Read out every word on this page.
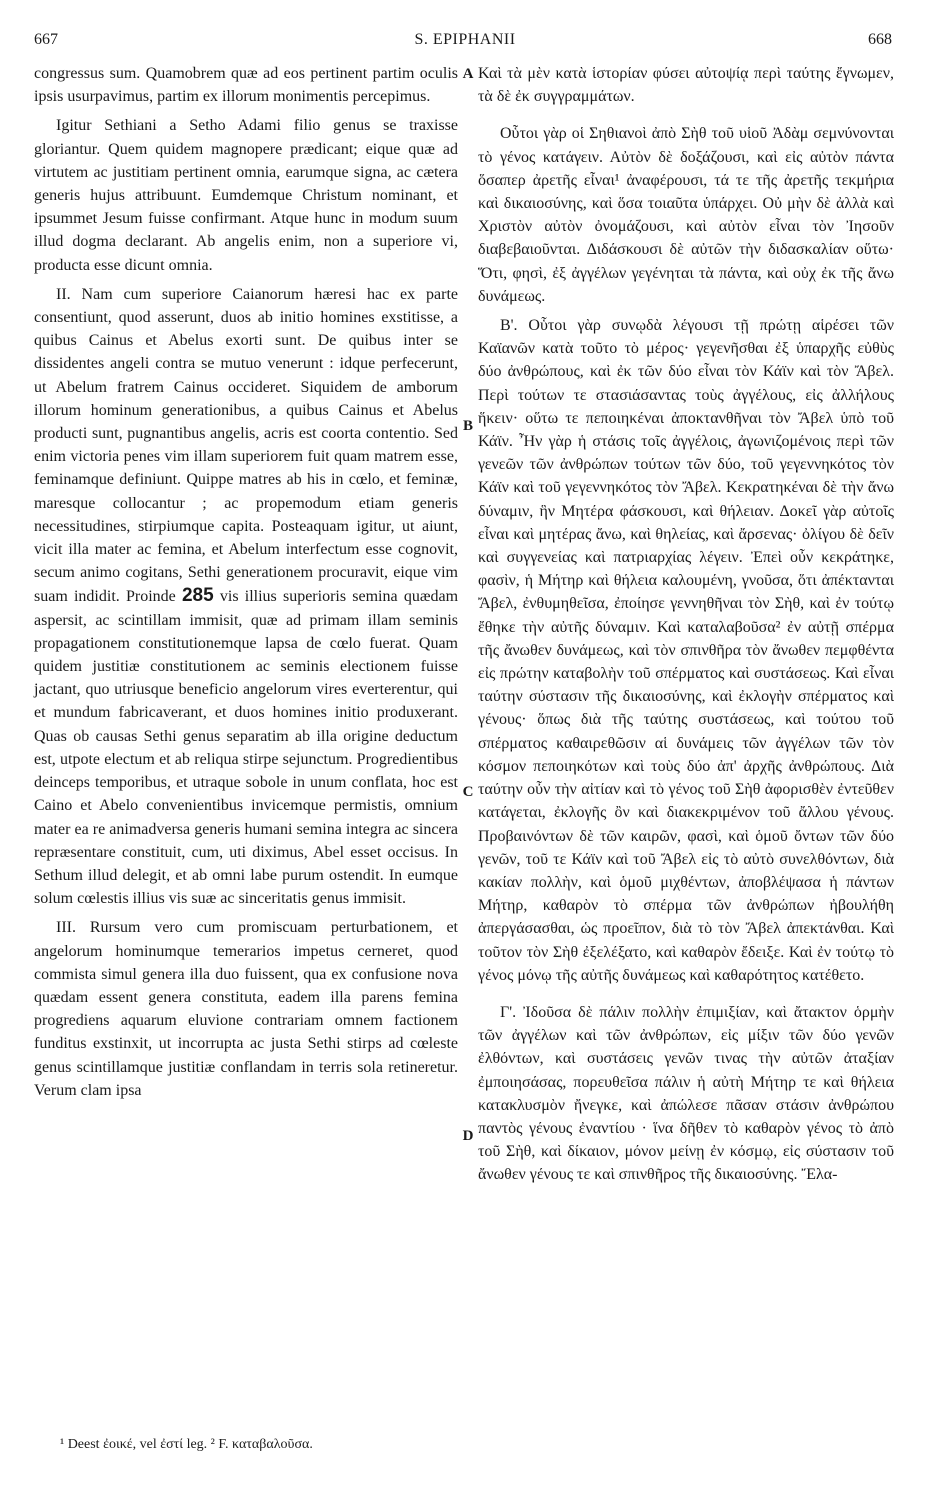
667	S. EPIPHANII	668

congressus sum. Quamobrem quæ ad eos pertinent partim oculis ipsis usurpavimus, partim ex illorum monimentis percepimus.

Igitur Sethiani a Setho Adami filio genus se traxisse gloriantur. Quem quidem magnopere prædicant; eique quæ ad virtutem ac justitiam pertinent omnia, earumque signa, ac cætera generis hujus attribuunt. Eumdemque Christum nominant, et ipsummet Jesum fuisse confirmant. Atque hunc in modum suum illud dogma declarant. Ab angelis enim, non a superiore vi, producta esse dicunt omnia.

II. Nam cum superiore Caianorum hæresi hac ex parte consentiunt, quod asserunt, duos ab initio homines exstitisse, a quibus Cainus et Abelus exorti sunt. De quibus inter se dissidentes angeli contra se mutuo venerunt : idque perfecerunt, ut Abelum fratrem Cainus occideret. Siquidem de amborum illorum hominum generationibus, a quibus Cainus et Abelus producti sunt, pugnantibus angelis, acris est coorta contentio. Sed enim victoria penes vim illam superiorem fuit quam matrem esse, feminamque definiunt. Quippe matres ab his in cœlo, et feminæ, maresque collocantur ; ac propemodum etiam generis necessitudines, stirpiumque capita. Posteaquam igitur, ut aiunt, vicit illa mater ac femina, et Abelum interfectum esse cognovit, secum animo cogitans, Sethi generationem procuravit, eique vim suam indidit. Proinde 285 vis illius superioris semina quædam aspersit, ac scintillam immisit, quæ ad primam illam seminis propagationem constitutionemque lapsa de cœlo fuerat. Quam quidem justitiæ constitutionem ac seminis electionem fuisse jactant, quo utriusque beneficio angelorum vires everterentur, qui et mundum fabricaverant, et duos homines initio produxerant. Quas ob causas Sethi genus separatim ab illa origine deductum est, utpote electum et ab reliqua stirpe sejunctum. Progredientibus deinceps temporibus, et utraque sobole in unum conflata, hoc est Caino et Abelo convenientibus invicemque permistis, omnium mater ea re animadversa generis humani semina integra ac sincera repræsentare constituit, cum, uti diximus, Abel esset occisus. In Sethum illud delegit, et ab omni labe purum ostendit. In eumque solum cœlestis illius vis suæ ac sinceritatis genus immisit.

III. Rursum vero cum promiscuam perturbationem, et angelorum hominumque temerarios impetus cerneret, quod commista simul genera illa duo fuissent, qua ex confusione nova quædam essent genera constituta, eadem illa parens femina progrediens aquarum eluvione contrariam omnem factionem funditus exstinxit, ut incorrupta ac justa Sethi stirps ad cœleste genus scintillamque justitiæ conflandam in terris sola retineretur. Verum clam ipsa

A
B
C
D

Καὶ τὰ μὲν κατὰ ἱστορίαν φύσει αὐτοψίᾳ περὶ ταύτης ἔγνωμεν, τὰ δὲ ἐκ συγγραμμάτων.

Οὗτοι γὰρ οἱ Σηθιανοὶ ἀπὸ Σὴθ τοῦ υἱοῦ Ἀδὰμ σεμνύνονται τὸ γένος κατάγειν. Αὐτὸν δὲ δοξάζουσι, καὶ εἰς αὐτὸν πάντα ὅσαπερ ἀρετῆς εἶναι¹ ἀναφέρουσι, τά τε τῆς ἀρετῆς τεκμήρια καὶ δικαιοσύνης, καὶ ὅσα τοιαῦτα ὑπάρχει. Οὐ μὴν δὲ ἀλλὰ καὶ Χριστὸν αὐτὸν ὀνομάζουσι, καὶ αὐτὸν εἶναι τὸν Ἰησοῦν διαβεβαιοῦνται. Διδάσκουσι δὲ αὐτῶν τὴν διδασκαλίαν οὕτω· Ὅτι, φησὶ, ἐξ ἀγγέλων γεγένηται τὰ πάντα, καὶ οὐχ ἐκ τῆς ἄνω δυνάμεως.

Β'. Οὗτοι γὰρ συνῳδὰ λέγουσι τῇ πρώτῃ αἱρέσει τῶν Καϊανῶν κατὰ τοῦτο τὸ μέρος· γεγενῆσθαι ἐξ ὑπαρχῆς εὐθὺς δύο ἀνθρώπους, καὶ ἐκ τῶν δύο εἶναι τὸν Κάϊν καὶ τὸν Ἄβελ. Περὶ τούτων τε στασιάσαντας τοὺς ἀγγέλους, εἰς ἀλλήλους ἥκειν· οὕτω τε πεποιηκέναι ἀποκτανθῆναι τὸν Ἄβελ ὑπὸ τοῦ Κάϊν. Ἦν γὰρ ἡ στάσις τοῖς ἀγγέλοις, ἀγωνιζομένοις περὶ τῶν γενεῶν τῶν ἀνθρώπων τούτων τῶν δύο, τοῦ γεγεννηκότος τὸν Κάϊν καὶ τοῦ γεγεννηκότος τὸν Ἄβελ. Κεκρατηκέναι δὲ τὴν ἄνω δύναμιν, ἣν Μητέρα φάσκουσι, καὶ θήλειαν. Δοκεῖ γὰρ αὐτοῖς εἶναι καὶ μητέρας ἄνω, καὶ θηλείας, καὶ ἄρσενας· ὀλίγου δὲ δεῖν καὶ συγγενείας καὶ πατριαρχίας λέγειν. Ἐπεὶ οὖν κεκράτηκε, φασὶν, ἡ Μήτηρ καὶ θήλεια καλουμένη, γνοῦσα, ὅτι ἀπέκτανται Ἄβελ, ἐνθυμηθεῖσα, ἐποίησε γεννηθῆναι τὸν Σὴθ, καὶ ἐν τούτῳ ἔθηκε τὴν αὐτῆς δύναμιν. Καὶ καταλαβοῦσα² ἐν αὐτῇ σπέρμα τῆς ἄνωθεν δυνάμεως, καὶ τὸν σπινθῆρα τὸν ἄνωθεν πεμφθέντα εἰς πρώτην καταβολὴν τοῦ σπέρματος καὶ συστάσεως. Καὶ εἶναι ταύτην σύστασιν τῆς δικαιοσύνης, καὶ ἐκλογὴν σπέρματος καὶ γένους· ὅπως διὰ τῆς ταύτης συστάσεως, καὶ τούτου τοῦ σπέρματος καθαιρεθῶσιν αἱ δυνάμεις τῶν ἀγγέλων τῶν τὸν κόσμον πεποιηκότων καὶ τοὺς δύο ἀπ' ἀρχῆς ἀνθρώπους. Διὰ ταύτην οὖν τὴν αἰτίαν καὶ τὸ γένος τοῦ Σὴθ ἀφορισθὲν ἐντεῦθεν κατάγεται, ἐκλογῆς ὂν καὶ διακεκριμένον τοῦ ἄλλου γένους. Προβαινόντων δὲ τῶν καιρῶν, φασὶ, καὶ ὁμοῦ ὄντων τῶν δύο γενῶν, τοῦ τε Κάϊν καὶ τοῦ Ἄβελ εἰς τὸ αὐτὸ συνελθόντων, διὰ κακίαν πολλὴν, καὶ ὁμοῦ μιχθέντων, ἀποβλέψασα ἡ πάντων Μήτηρ, καθαρὸν τὸ σπέρμα τῶν ἀνθρώπων ἠβουλήθη ἀπεργάσασθαι, ὡς προεῖπον, διὰ τὸ τὸν Ἄβελ ἀπεκτάνθαι. Καὶ τοῦτον τὸν Σὴθ ἐξελέξατο, καὶ καθαρὸν ἔδειξε. Καὶ ἐν τούτῳ τὸ γένος μόνῳ τῆς αὐτῆς δυνάμεως καὶ καθαρότητος κατέθετο.

Γ'. Ἰδοῦσα δὲ πάλιν πολλὴν ἐπιμιξίαν, καὶ ἄτακτον ὁρμὴν τῶν ἀγγέλων καὶ τῶν ἀνθρώπων, εἰς μίξιν τῶν δύο γενῶν ἐλθόντων, καὶ συστάσεις γενῶν τινας τὴν αὐτῶν ἀταξίαν ἐμποιησάσας, πορευθεῖσα πάλιν ἡ αὐτὴ Μήτηρ τε καὶ θήλεια κατακλυσμὸν ἤνεγκε, καὶ ἀπώλεσε πᾶσαν στάσιν ἀνθρώπου παντὸς γένους ἐναντίου · ἵνα δῆθεν τὸ καθαρὸν γένος τὸ ἀπὸ τοῦ Σὴθ, καὶ δίκαιον, μόνον μείνῃ ἐν κόσμῳ, εἰς σύστασιν τοῦ ἄνωθεν γένους τε καὶ σπινθῆρος τῆς δικαιοσύνης. Ἔλα-

¹ Deest ἐοικέ, vel ἐστί leg. ² F. καταβαλοῦσα.
